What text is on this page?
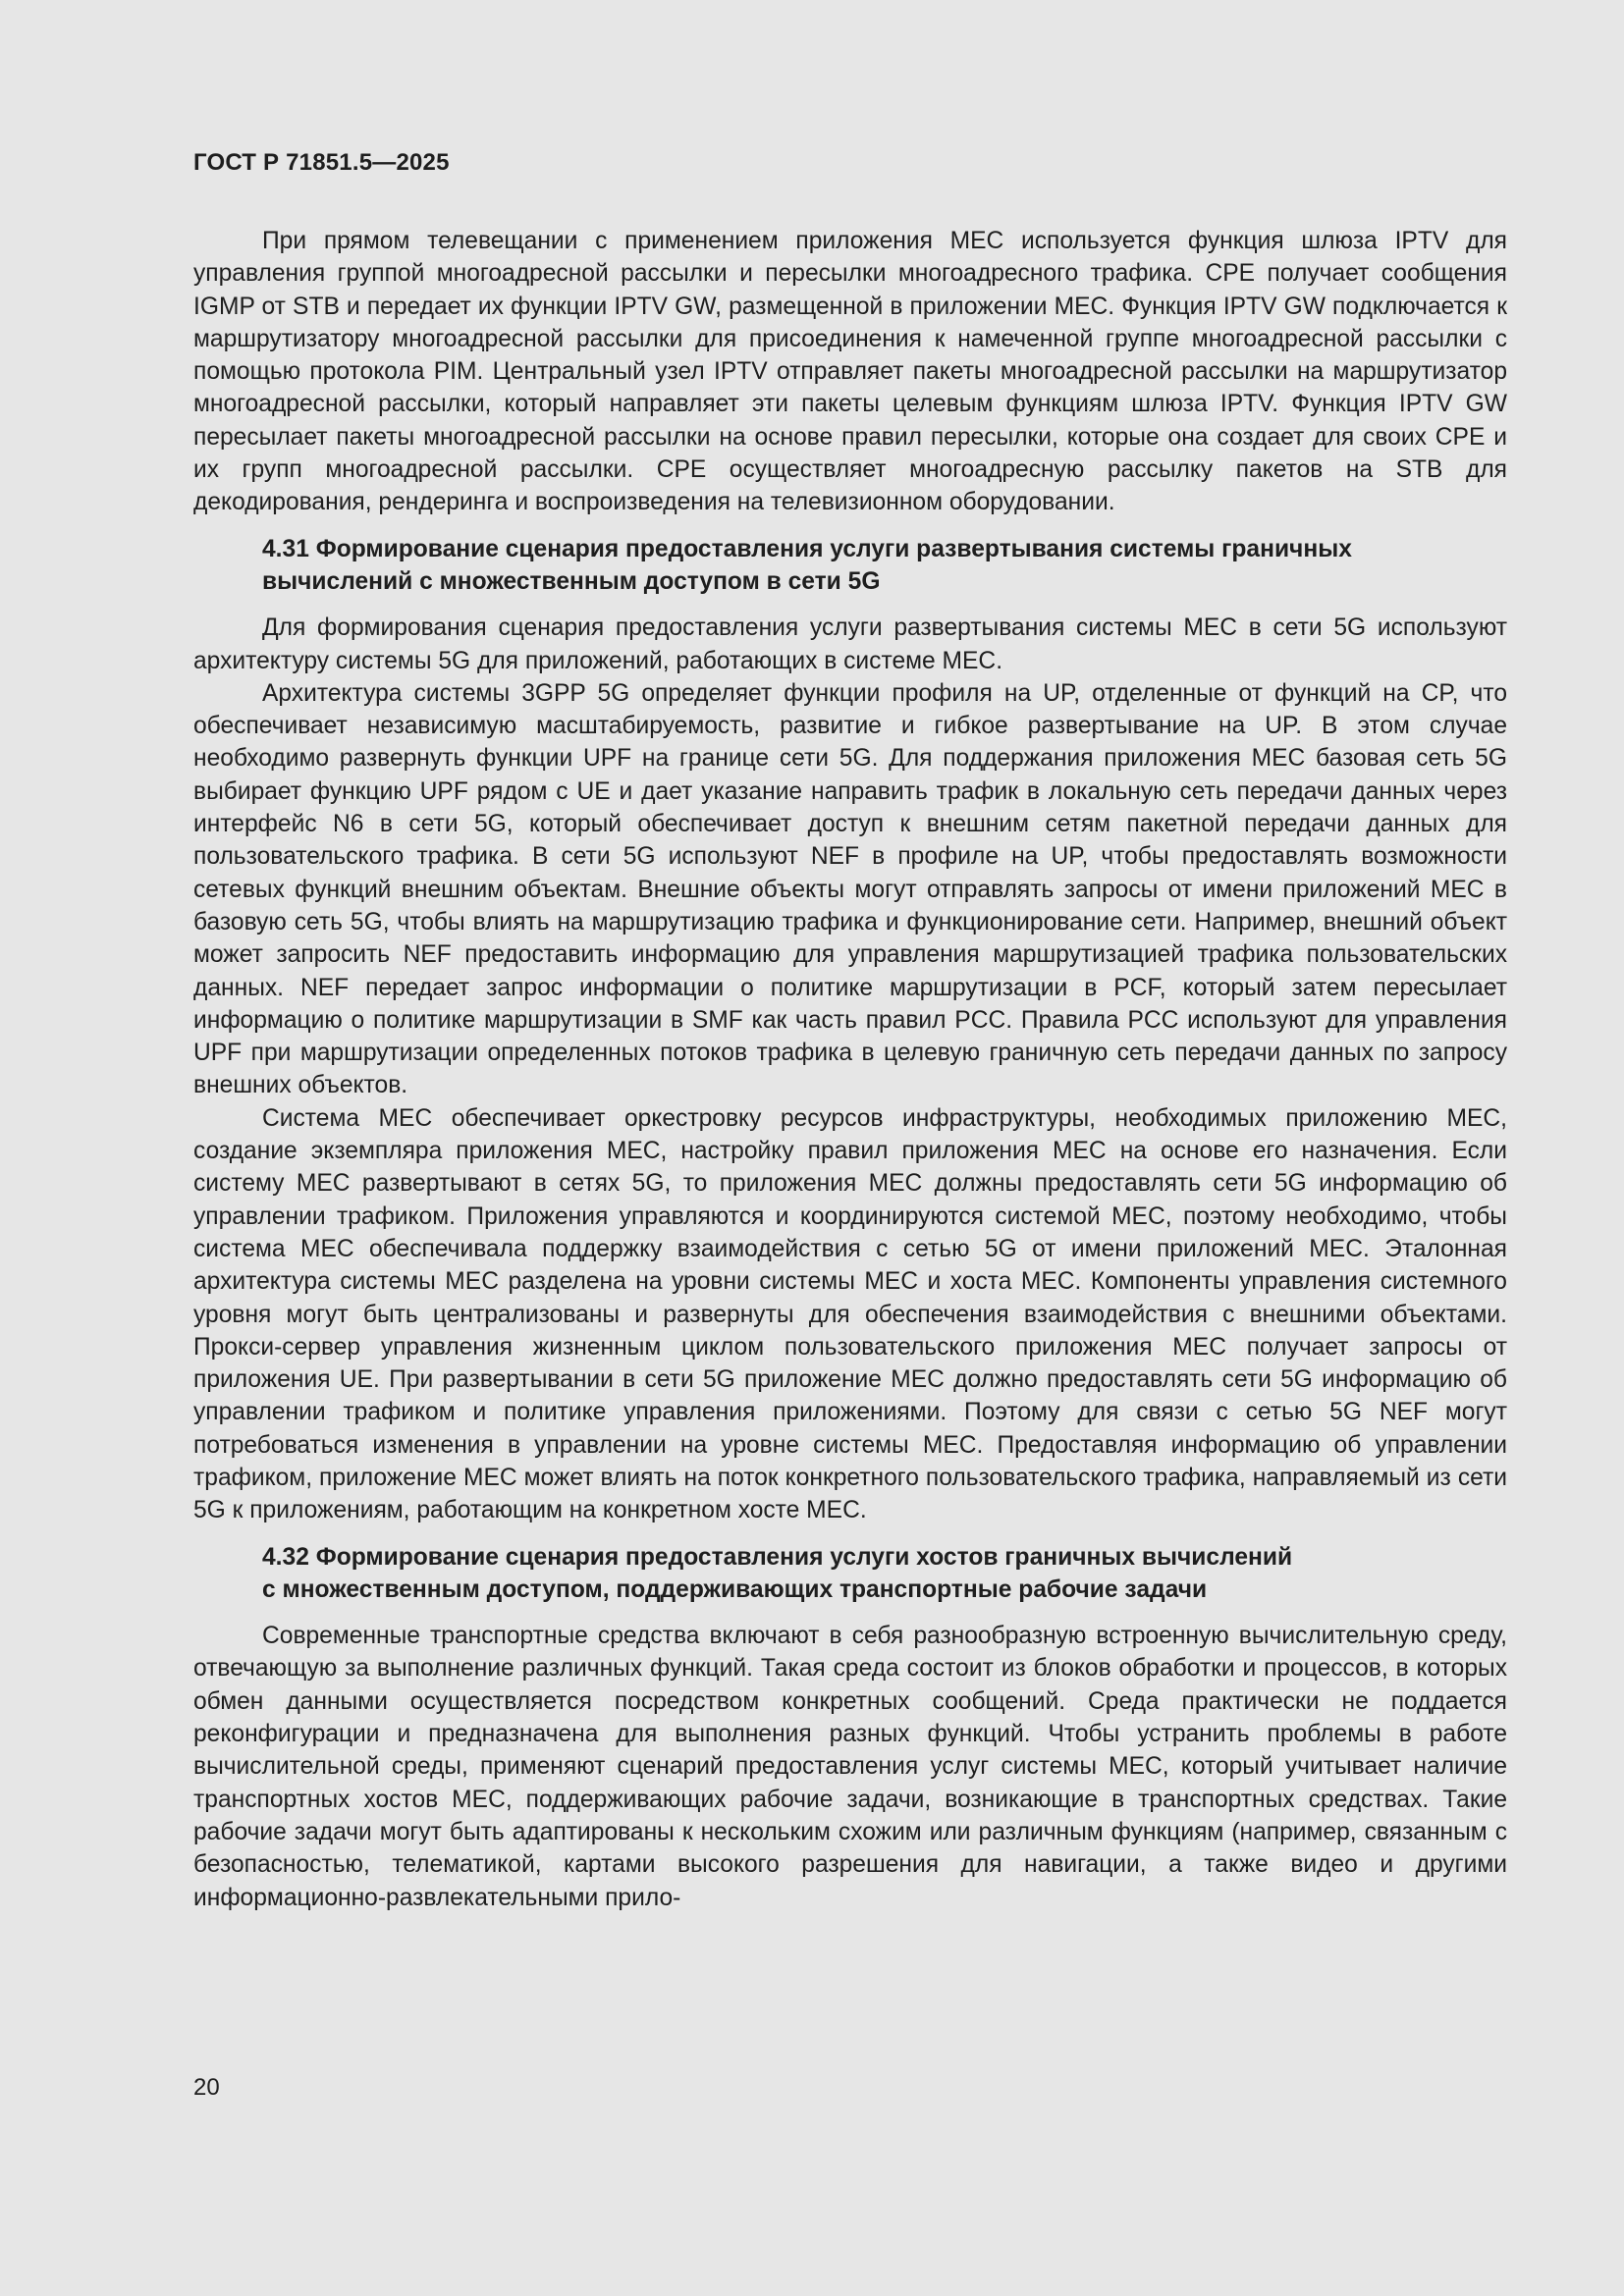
ГОСТ Р 71851.5—2025

При прямом телевещании с применением приложения MEC используется функция шлюза IPTV для управления группой многоадресной рассылки и пересылки многоадресного трафика. CPE получает сообщения IGMP от STB и передает их функции IPTV GW, размещенной в приложении MEC. Функция IPTV GW подключается к маршрутизатору многоадресной рассылки для присоединения к намеченной группе многоадресной рассылки с помощью протокола PIM. Центральный узел IPTV отправляет пакеты многоадресной рассылки на маршрутизатор многоадресной рассылки, который направляет эти пакеты целевым функциям шлюза IPTV. Функция IPTV GW пересылает пакеты многоадресной рассылки на основе правил пересылки, которые она создает для своих CPE и их групп многоадресной рассылки. CPE осуществляет многоадресную рассылку пакетов на STB для декодирования, рендеринга и воспроизведения на телевизионном оборудовании.

4.31 Формирование сценария предоставления услуги развертывания системы граничных
вычислений с множественным доступом в сети 5G

Для формирования сценария предоставления услуги развертывания системы MEC в сети 5G используют архитектуру системы 5G для приложений, работающих в системе MEC.

Архитектура системы 3GPP 5G определяет функции профиля на UP, отделенные от функций на CP, что обеспечивает независимую масштабируемость, развитие и гибкое развертывание на UP. В этом случае необходимо развернуть функции UPF на границе сети 5G. Для поддержания приложения MEC базовая сеть 5G выбирает функцию UPF рядом с UE и дает указание направить трафик в локальную сеть передачи данных через интерфейс N6 в сети 5G, который обеспечивает доступ к внешним сетям пакетной передачи данных для пользовательского трафика. В сети 5G используют NEF в профиле на UP, чтобы предоставлять возможности сетевых функций внешним объектам. Внешние объекты могут отправлять запросы от имени приложений MEC в базовую сеть 5G, чтобы влиять на маршрутизацию трафика и функционирование сети. Например, внешний объект может запросить NEF предоставить информацию для управления маршрутизацией трафика пользовательских данных. NEF передает запрос информации о политике маршрутизации в PCF, который затем пересылает информацию о политике маршрутизации в SMF как часть правил PCC. Правила PCC используют для управления UPF при маршрутизации определенных потоков трафика в целевую граничную сеть передачи данных по запросу внешних объектов.

Система MEC обеспечивает оркестровку ресурсов инфраструктуры, необходимых приложению MEC, создание экземпляра приложения MEC, настройку правил приложения MEC на основе его назначения. Если систему MEC развертывают в сетях 5G, то приложения MEC должны предоставлять сети 5G информацию об управлении трафиком. Приложения управляются и координируются системой MEC, поэтому необходимо, чтобы система MEC обеспечивала поддержку взаимодействия с сетью 5G от имени приложений MEC. Эталонная архитектура системы MEC разделена на уровни системы MEC и хоста MEC. Компоненты управления системного уровня могут быть централизованы и развернуты для обеспечения взаимодействия с внешними объектами. Прокси-сервер управления жизненным циклом пользовательского приложения MEC получает запросы от приложения UE. При развертывании в сети 5G приложение MEC должно предоставлять сети 5G информацию об управлении трафиком и политике управления приложениями. Поэтому для связи с сетью 5G NEF могут потребоваться изменения в управлении на уровне системы MEC. Предоставляя информацию об управлении трафиком, приложение MEC может влиять на поток конкретного пользовательского трафика, направляемый из сети 5G к приложениям, работающим на конкретном хосте MEC.

4.32 Формирование сценария предоставления услуги хостов граничных вычислений
с множественным доступом, поддерживающих транспортные рабочие задачи

Современные транспортные средства включают в себя разнообразную встроенную вычислительную среду, отвечающую за выполнение различных функций. Такая среда состоит из блоков обработки и процессов, в которых обмен данными осуществляется посредством конкретных сообщений. Среда практически не поддается реконфигурации и предназначена для выполнения разных функций. Чтобы устранить проблемы в работе вычислительной среды, применяют сценарий предоставления услуг системы MEC, который учитывает наличие транспортных хостов MEC, поддерживающих рабочие задачи, возникающие в транспортных средствах. Такие рабочие задачи могут быть адаптированы к нескольким схожим или различным функциям (например, связанным с безопасностью, телематикой, картами высокого разрешения для навигации, а также видео и другими информационно-развлекательными прило-

20
